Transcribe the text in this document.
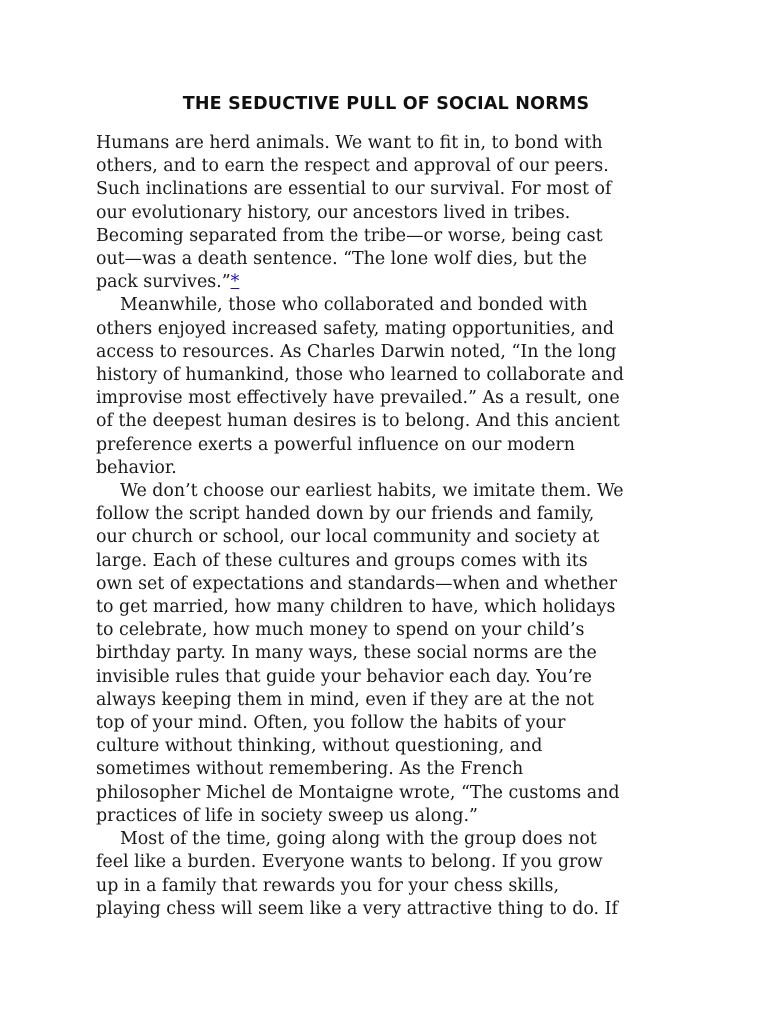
THE SEDUCTIVE PULL OF SOCIAL NORMS

Humans are herd animals. We want to fit in, to bond with
others, and to earn the respect and approval of our peers.
Such inclinations are essential to our survival. For most of
our evolutionary history, our ancestors lived in tribes.
Becoming separated from the tribe—or worse, being cast
out—was a death sentence. “The lone wolf dies, but the
pack survives.”*

Meanwhile, those who collaborated and bonded with
others enjoyed increased safety, mating opportunities, and
access to resources. As Charles Darwin noted, “In the long
history of humankind, those who learned to collaborate and
improvise most effectively have prevailed.” As a result, one
of the deepest human desires is to belong. And this ancient
preference exerts a powerful influence on our modern
behavior.

We don’t choose our earliest habits, we imitate them. We
follow the script handed down by our friends and family,
our church or school, our local community and society at
large. Each of these cultures and groups comes with its
own set of expectations and standards—when and whether
to get married, how many children to have, which holidays
to celebrate, how much money to spend on your child’s
birthday party. In many ways, these social norms are the
invisible rules that guide your behavior each day. You’re
always keeping them in mind, even if they are at the not
top of your mind. Often, you follow the habits of your
culture without thinking, without questioning, and
sometimes without remembering. As the French
philosopher Michel de Montaigne wrote, “The customs and
practices of life in society sweep us along.”

Most of the time, going along with the group does not
feel like a burden. Everyone wants to belong. If you grow
up in a family that rewards you for your chess skills,
playing chess will seem like a very attractive thing to do. If
